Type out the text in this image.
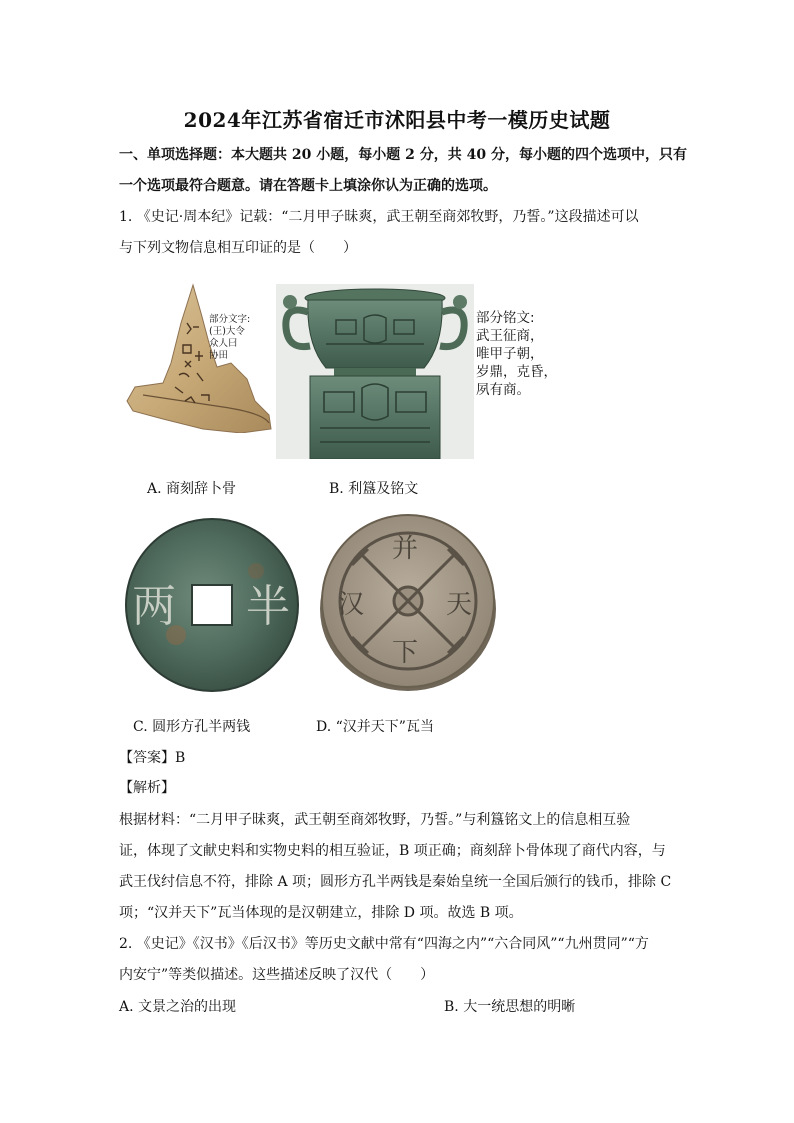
2024年江苏省宿迁市沭阳县中考一模历史试题
一、单项选择题：本大题共 20 小题，每小题 2 分，共 40 分，每小题的四个选项中，只有
一个选项最符合题意。请在答题卡上填涂你认为正确的选项。
1. 《史记·周本纪》记载：“二月甲子昧爽，武王朝至商郊牧野，乃誓。”这段描述可以
与下列文物信息相互印证的是（　　）
部分文字:
(王)大令
众人曰
协田
部分铭文:
武王征商，
唯甲子朝，
岁鼎，克昏，
夙有商。
A. 商刻辞卜骨	B. 利簋及铭文
两 半
并
天
下
汉
C. 圆形方孔半两钱	D. “汉并天下”瓦当
【答案】B
【解析】
根据材料：“二月甲子昧爽，武王朝至商郊牧野，乃誓。”与利簋铭文上的信息相互验
证，体现了文献史料和实物史料的相互验证，B 项正确；商刻辞卜骨体现了商代内容，与
武王伐纣信息不符，排除 A 项；圆形方孔半两钱是秦始皇统一全国后颁行的钱币，排除 C
项；“汉并天下”瓦当体现的是汉朝建立，排除 D 项。故选 B 项。
2. 《史记》《汉书》《后汉书》等历史文献中常有“四海之内”“六合同风”“九州贯同”“方
内安宁”等类似描述。这些描述反映了汉代（　　）
A. 文景之治的出现	B. 大一统思想的明晰
